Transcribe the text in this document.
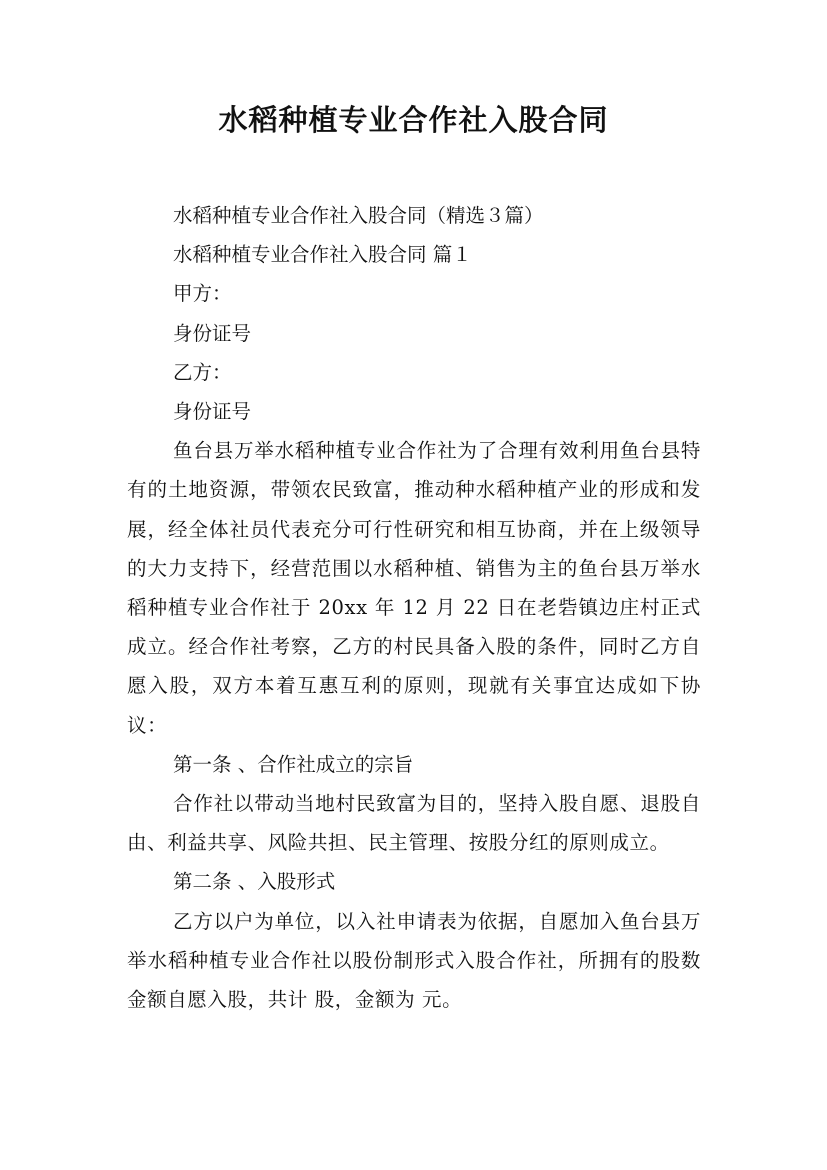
水稻种植专业合作社入股合同
水稻种植专业合作社入股合同（精选３篇）
水稻种植专业合作社入股合同 篇１
甲方：
身份证号
乙方：
身份证号
鱼台县万举水稻种植专业合作社为了合理有效利用鱼台县特有的土地资源，带领农民致富，推动种水稻种植产业的形成和发展，经全体社员代表充分可行性研究和相互协商，并在上级领导的大力支持下，经营范围以水稻种植、销售为主的鱼台县万举水稻种植专业合作社于 20xx 年 12 月 22 日在老砦镇边庄村正式成立。经合作社考察，乙方的村民具备入股的条件，同时乙方自愿入股，双方本着互惠互利的原则，现就有关事宜达成如下协议：
第一条 、合作社成立的宗旨
合作社以带动当地村民致富为目的，坚持入股自愿、退股自由、利益共享、风险共担、民主管理、按股分红的原则成立。
第二条 、入股形式
乙方以户为单位，以入社申请表为依据，自愿加入鱼台县万举水稻种植专业合作社以股份制形式入股合作社，所拥有的股数金额自愿入股，共计 股，金额为 元。
